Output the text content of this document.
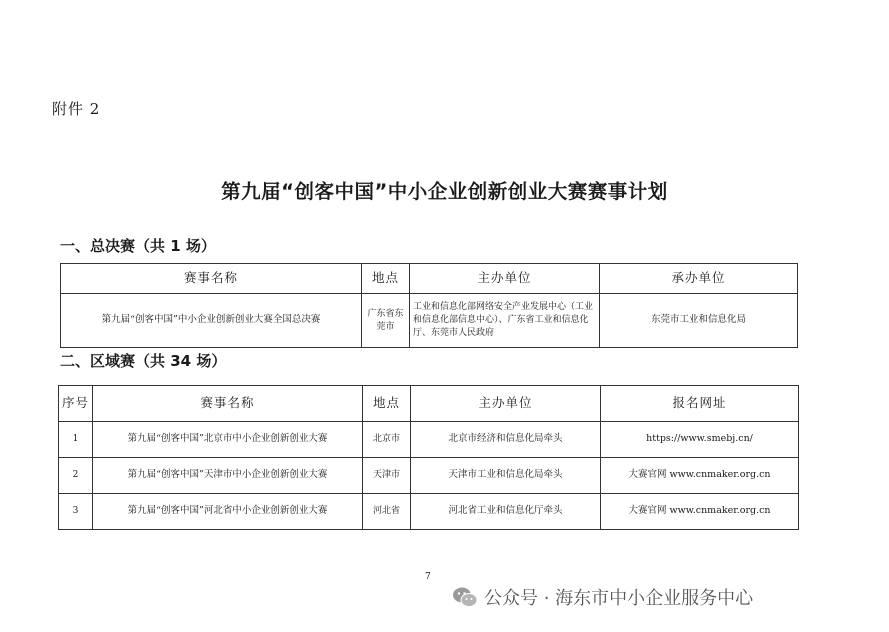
附件 2
第九届“创客中国”中小企业创新创业大赛赛事计划
一、总决赛（共 1 场）
赛事名称	地点	主办单位	承办单位
第九届“创客中国”中小企业创新创业大赛全国总决赛	广东省东莞市	工业和信息化部网络安全产业发展中心（工业和信息化部信息中心）、广东省工业和信息化厅、东莞市人民政府	东莞市工业和信息化局
二、区域赛（共 34 场）
序号	赛事名称	地点	主办单位	报名网址
1	第九届“创客中国”北京市中小企业创新创业大赛	北京市	北京市经济和信息化局牵头	https://www.smebj.cn/
2	第九届“创客中国”天津市中小企业创新创业大赛	天津市	天津市工业和信息化局牵头	大赛官网 www.cnmaker.org.cn
3	第九届“创客中国”河北省中小企业创新创业大赛	河北省	河北省工业和信息化厅牵头	大赛官网 www.cnmaker.org.cn
7
公众号 · 海东市中小企业服务中心
